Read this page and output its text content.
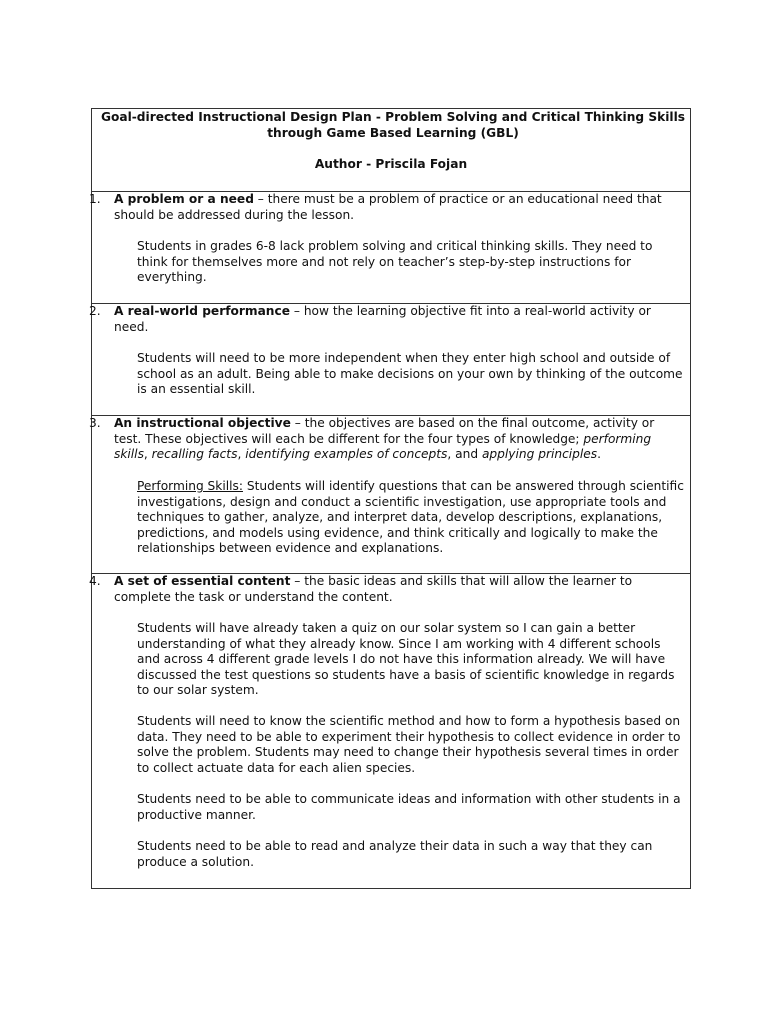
Goal-directed Instructional Design Plan - Problem Solving and Critical Thinking Skills
through Game Based Learning (GBL)
Author - Priscila Fojan
1. A problem or a need – there must be a problem of practice or an educational need that should be addressed during the lesson.
Students in grades 6-8 lack problem solving and critical thinking skills. They need to think for themselves more and not rely on teacher’s step-by-step instructions for everything.
2. A real-world performance – how the learning objective fit into a real-world activity or need.
Students will need to be more independent when they enter high school and outside of school as an adult. Being able to make decisions on your own by thinking of the outcome is an essential skill.
3. An instructional objective – the objectives are based on the final outcome, activity or test. These objectives will each be different for the four types of knowledge; performing skills, recalling facts, identifying examples of concepts, and applying principles.
Performing Skills: Students will identify questions that can be answered through scientific investigations, design and conduct a scientific investigation, use appropriate tools and techniques to gather, analyze, and interpret data, develop descriptions, explanations, predictions, and models using evidence, and think critically and logically to make the relationships between evidence and explanations.
4. A set of essential content – the basic ideas and skills that will allow the learner to complete the task or understand the content.
Students will have already taken a quiz on our solar system so I can gain a better understanding of what they already know. Since I am working with 4 different schools and across 4 different grade levels I do not have this information already. We will have discussed the test questions so students have a basis of scientific knowledge in regards to our solar system.
Students will need to know the scientific method and how to form a hypothesis based on data. They need to be able to experiment their hypothesis to collect evidence in order to solve the problem. Students may need to change their hypothesis several times in order to collect actuate data for each alien species.
Students need to be able to communicate ideas and information with other students in a productive manner.
Students need to be able to read and analyze their data in such a way that they can produce a solution.
